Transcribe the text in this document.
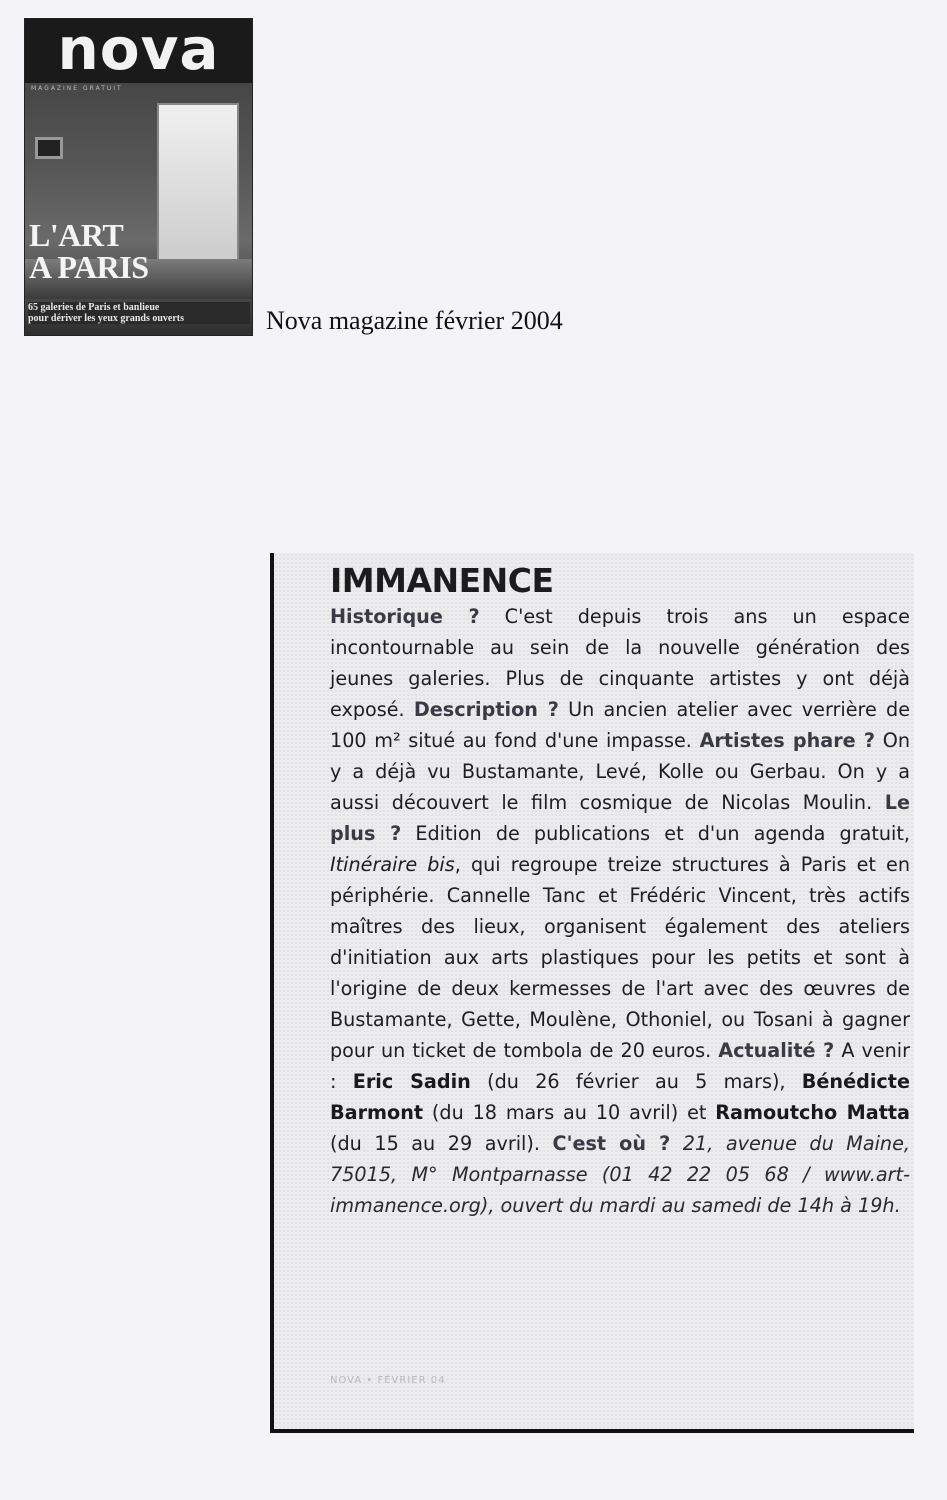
nova
MAGAZINE GRATUIT
L'ART
A PARIS
65 galeries de Paris et banlieue
pour dériver les yeux grands ouverts	Nova magazine février 2004
IMMANENCE

Historique ? C'est depuis trois ans un espace incontournable au sein de la nouvelle génération des jeunes galeries. Plus de cinquante artistes y ont déjà exposé. Description ? Un ancien atelier avec verrière de 100 m² situé au fond d'une impasse. Artistes phare ? On y a déjà vu Bustamante, Levé, Kolle ou Gerbau. On y a aussi découvert le film cosmique de Nicolas Moulin. Le plus ? Edition de publications et d'un agenda gratuit, Itinéraire bis, qui regroupe treize structures à Paris et en périphérie. Cannelle Tanc et Frédéric Vincent, très actifs maîtres des lieux, organisent également des ateliers d'initiation aux arts plastiques pour les petits et sont à l'origine de deux kermesses de l'art avec des œuvres de Bustamante, Gette, Moulène, Othoniel, ou Tosani à gagner pour un ticket de tombola de 20 euros. Actualité ? A venir : Eric Sadin (du 26 février au 5 mars), Bénédicte Barmont (du 18 mars au 10 avril) et Ramoutcho Matta (du 15 au 29 avril). C'est où ? 21, avenue du Maine, 75015, M° Montparnasse (01 42 22 05 68 / www.art-immanence.org), ouvert du mardi au samedi de 14h à 19h.

NOVA • FÉVRIER 04
